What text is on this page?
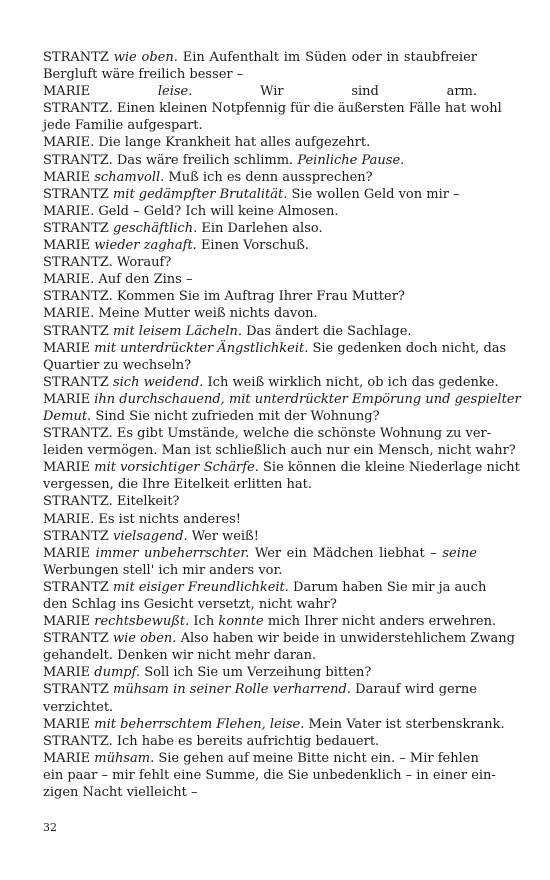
STRANTZ wie oben. Ein Aufenthalt im Süden oder in staubfreier
Bergluft wäre freilich besser –
MARIE leise. Wir sind arm.
STRANTZ. Einen kleinen Notpfennig für die äußersten Fälle hat wohl
jede Familie aufgespart.
MARIE. Die lange Krankheit hat alles aufgezehrt.
STRANTZ. Das wäre freilich schlimm. Peinliche Pause.
MARIE schamvoll. Muß ich es denn aussprechen?
STRANTZ mit gedämpfter Brutalität. Sie wollen Geld von mir –
MARIE. Geld – Geld? Ich will keine Almosen.
STRANTZ geschäftlich. Ein Darlehen also.
MARIE wieder zaghaft. Einen Vorschuß.
STRANTZ. Worauf?
MARIE. Auf den Zins –
STRANTZ. Kommen Sie im Auftrag Ihrer Frau Mutter?
MARIE. Meine Mutter weiß nichts davon.
STRANTZ mit leisem Lächeln. Das ändert die Sachlage.
MARIE mit unterdrückter Ängstlichkeit. Sie gedenken doch nicht, das
Quartier zu wechseln?
STRANTZ sich weidend. Ich weiß wirklich nicht, ob ich das gedenke.
MARIE ihn durchschauend, mit unterdrückter Empörung und gespielter
Demut. Sind Sie nicht zufrieden mit der Wohnung?
STRANTZ. Es gibt Umstände, welche die schönste Wohnung zu ver-
leiden vermögen. Man ist schließlich auch nur ein Mensch, nicht wahr?
MARIE mit vorsichtiger Schärfe. Sie können die kleine Niederlage nicht
vergessen, die Ihre Eitelkeit erlitten hat.
STRANTZ. Eitelkeit?
MARIE. Es ist nichts anderes!
STRANTZ vielsagend. Wer weiß!
MARIE immer unbeherrschter. Wer ein Mädchen liebhat – seine
Werbungen stell' ich mir anders vor.
STRANTZ mit eisiger Freundlichkeit. Darum haben Sie mir ja auch
den Schlag ins Gesicht versetzt, nicht wahr?
MARIE rechtsbewußt. Ich konnte mich Ihrer nicht anders erwehren.
STRANTZ wie oben. Also haben wir beide in unwiderstehlichem Zwang
gehandelt. Denken wir nicht mehr daran.
MARIE dumpf. Soll ich Sie um Verzeihung bitten?
STRANTZ mühsam in seiner Rolle verharrend. Darauf wird gerne
verzichtet.
MARIE mit beherrschtem Flehen, leise. Mein Vater ist sterbenskrank.
STRANTZ. Ich habe es bereits aufrichtig bedauert.
MARIE mühsam. Sie gehen auf meine Bitte nicht ein. – Mir fehlen
ein paar – mir fehlt eine Summe, die Sie unbedenklich – in einer ein-
zigen Nacht vielleicht –
32
